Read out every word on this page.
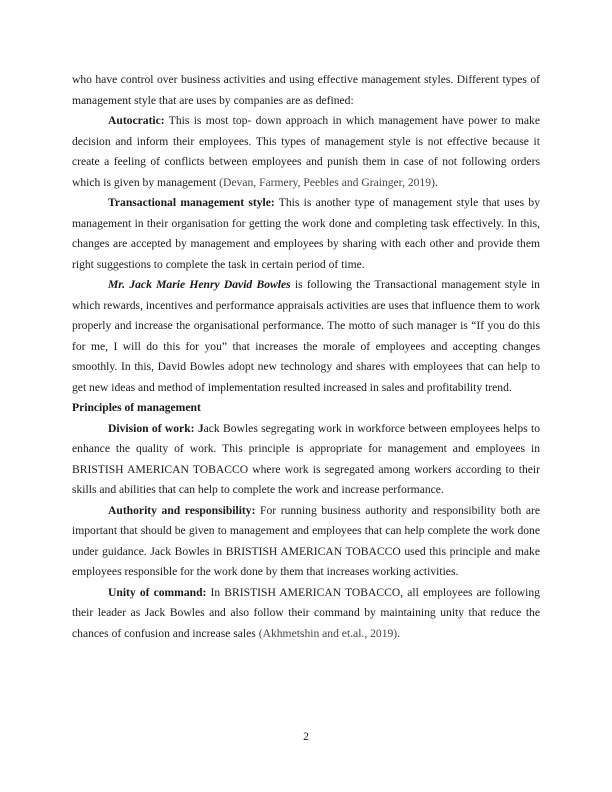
who have control over business activities and using effective management styles. Different types of management style that are uses by companies are as defined:

Autocratic: This is most top- down approach in which management have power to make decision and inform their employees. This types of management style is not effective because it create a feeling of conflicts between employees and punish them in case of not following orders which is given by management (Devan, Farmery, Peebles and Grainger, 2019).

Transactional management style: This is another type of management style that uses by management in their organisation for getting the work done and completing task effectively. In this, changes are accepted by management and employees by sharing with each other and provide them right suggestions to complete the task in certain period of time.

Mr. Jack Marie Henry David Bowles is following the Transactional management style in which rewards, incentives and performance appraisals activities are uses that influence them to work properly and increase the organisational performance. The motto of such manager is “If you do this for me, I will do this for you” that increases the morale of employees and accepting changes smoothly. In this, David Bowles adopt new technology and shares with employees that can help to get new ideas and method of implementation resulted increased in sales and profitability trend.

Principles of management

Division of work: Jack Bowles segregating work in workforce between employees helps to enhance the quality of work. This principle is appropriate for management and employees in BRISTISH AMERICAN TOBACCO where work is segregated among workers according to their skills and abilities that can help to complete the work and increase performance.

Authority and responsibility: For running business authority and responsibility both are important that should be given to management and employees that can help complete the work done under guidance. Jack Bowles in BRISTISH AMERICAN TOBACCO used this principle and make employees responsible for the work done by them that increases working activities.

Unity of command: In BRISTISH AMERICAN TOBACCO, all employees are following their leader as Jack Bowles and also follow their command by maintaining unity that reduce the chances of confusion and increase sales (Akhmetshin and et.al., 2019).

2
